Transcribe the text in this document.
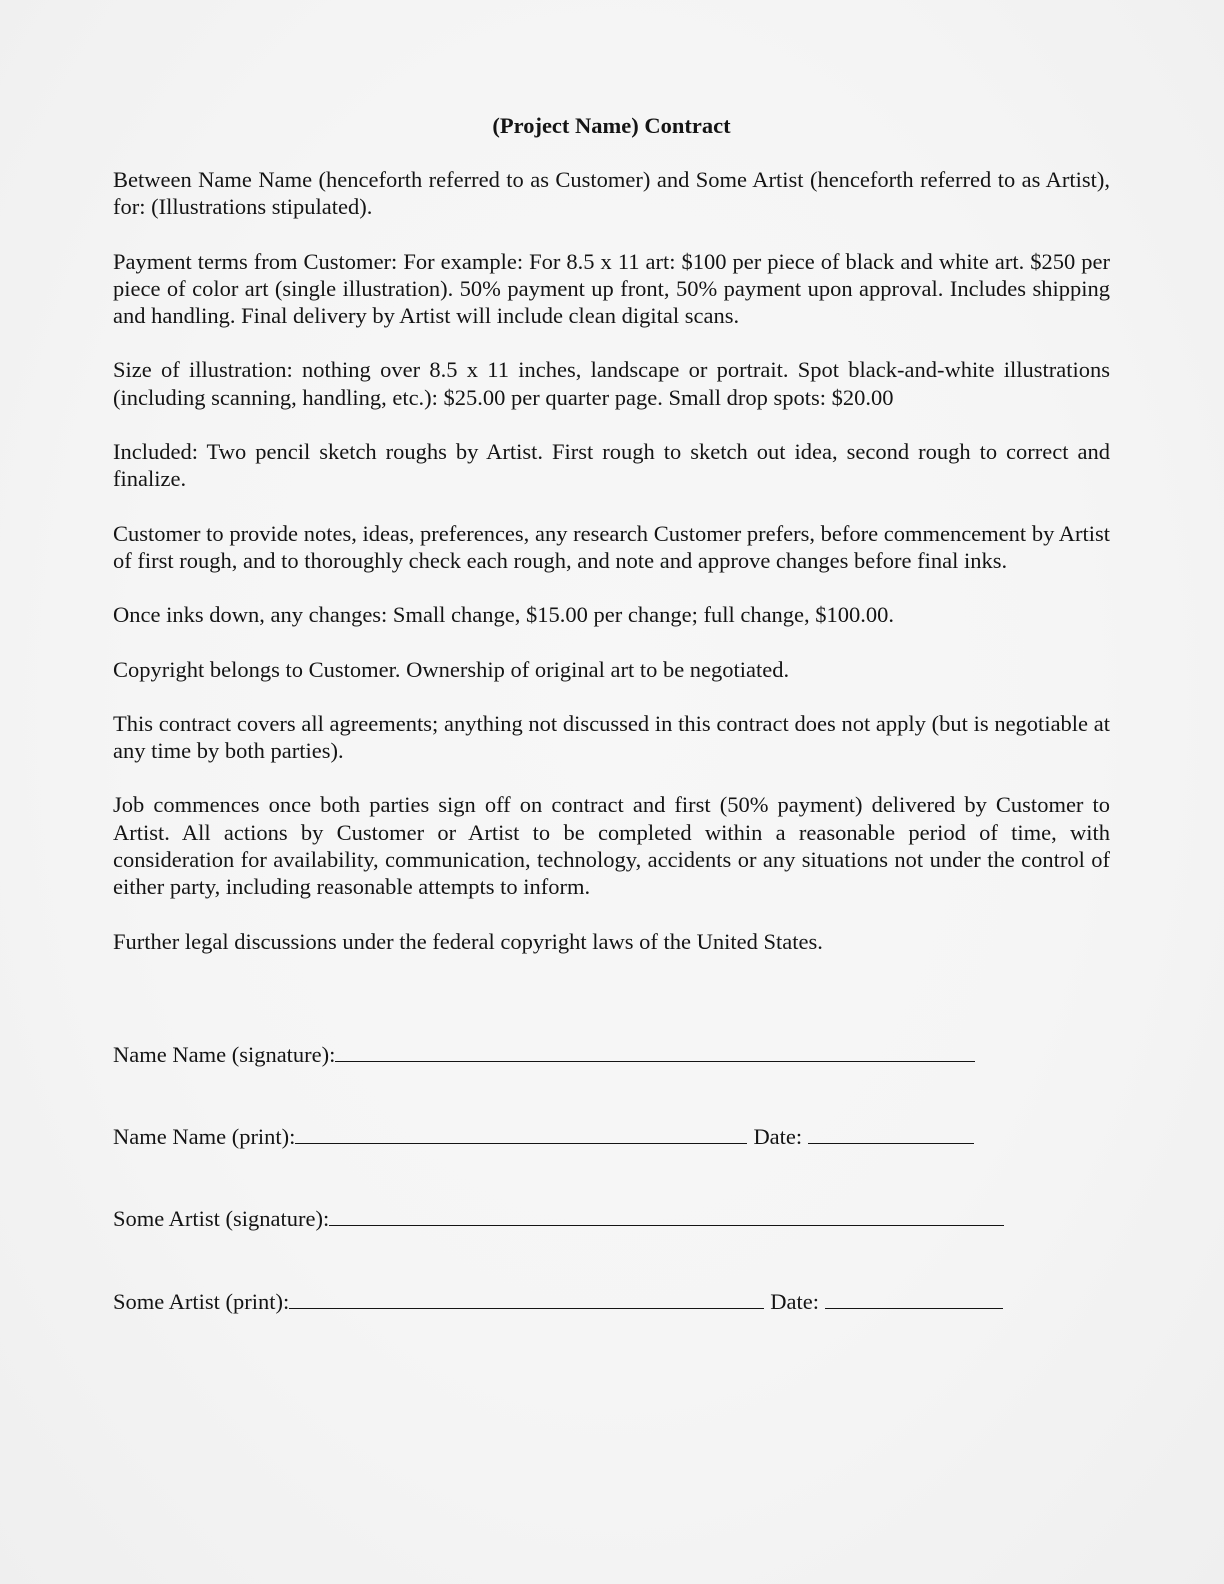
(Project Name) Contract

Between Name Name (henceforth referred to as Customer) and Some Artist (henceforth referred to as Artist), for: (Illustrations stipulated).

Payment terms from Customer: For example: For 8.5 x 11 art: $100 per piece of black and white art. $250 per piece of color art (single illustration). 50% payment up front, 50% payment upon approval. Includes shipping and handling. Final delivery by Artist will include clean digital scans.

Size of illustration: nothing over 8.5 x 11 inches, landscape or portrait. Spot black-and-white illustrations (including scanning, handling, etc.): $25.00 per quarter page. Small drop spots: $20.00

Included: Two pencil sketch roughs by Artist. First rough to sketch out idea, second rough to correct and finalize.

Customer to provide notes, ideas, preferences, any research Customer prefers, before commencement by Artist of first rough, and to thoroughly check each rough, and note and approve changes before final inks.

Once inks down, any changes: Small change, $15.00 per change; full change, $100.00.

Copyright belongs to Customer. Ownership of original art to be negotiated.

This contract covers all agreements; anything not discussed in this contract does not apply (but is negotiable at any time by both parties).

Job commences once both parties sign off on contract and first (50% payment) delivered by Customer to Artist. All actions by Customer or Artist to be completed within a reasonable period of time, with consideration for availability, communication, technology, accidents or any situations not under the control of either party, including reasonable attempts to inform.

Further legal discussions under the federal copyright laws of the United States.

Name Name (signature):
Name Name (print):	Date:
Some Artist (signature):
Some Artist (print):	Date:
